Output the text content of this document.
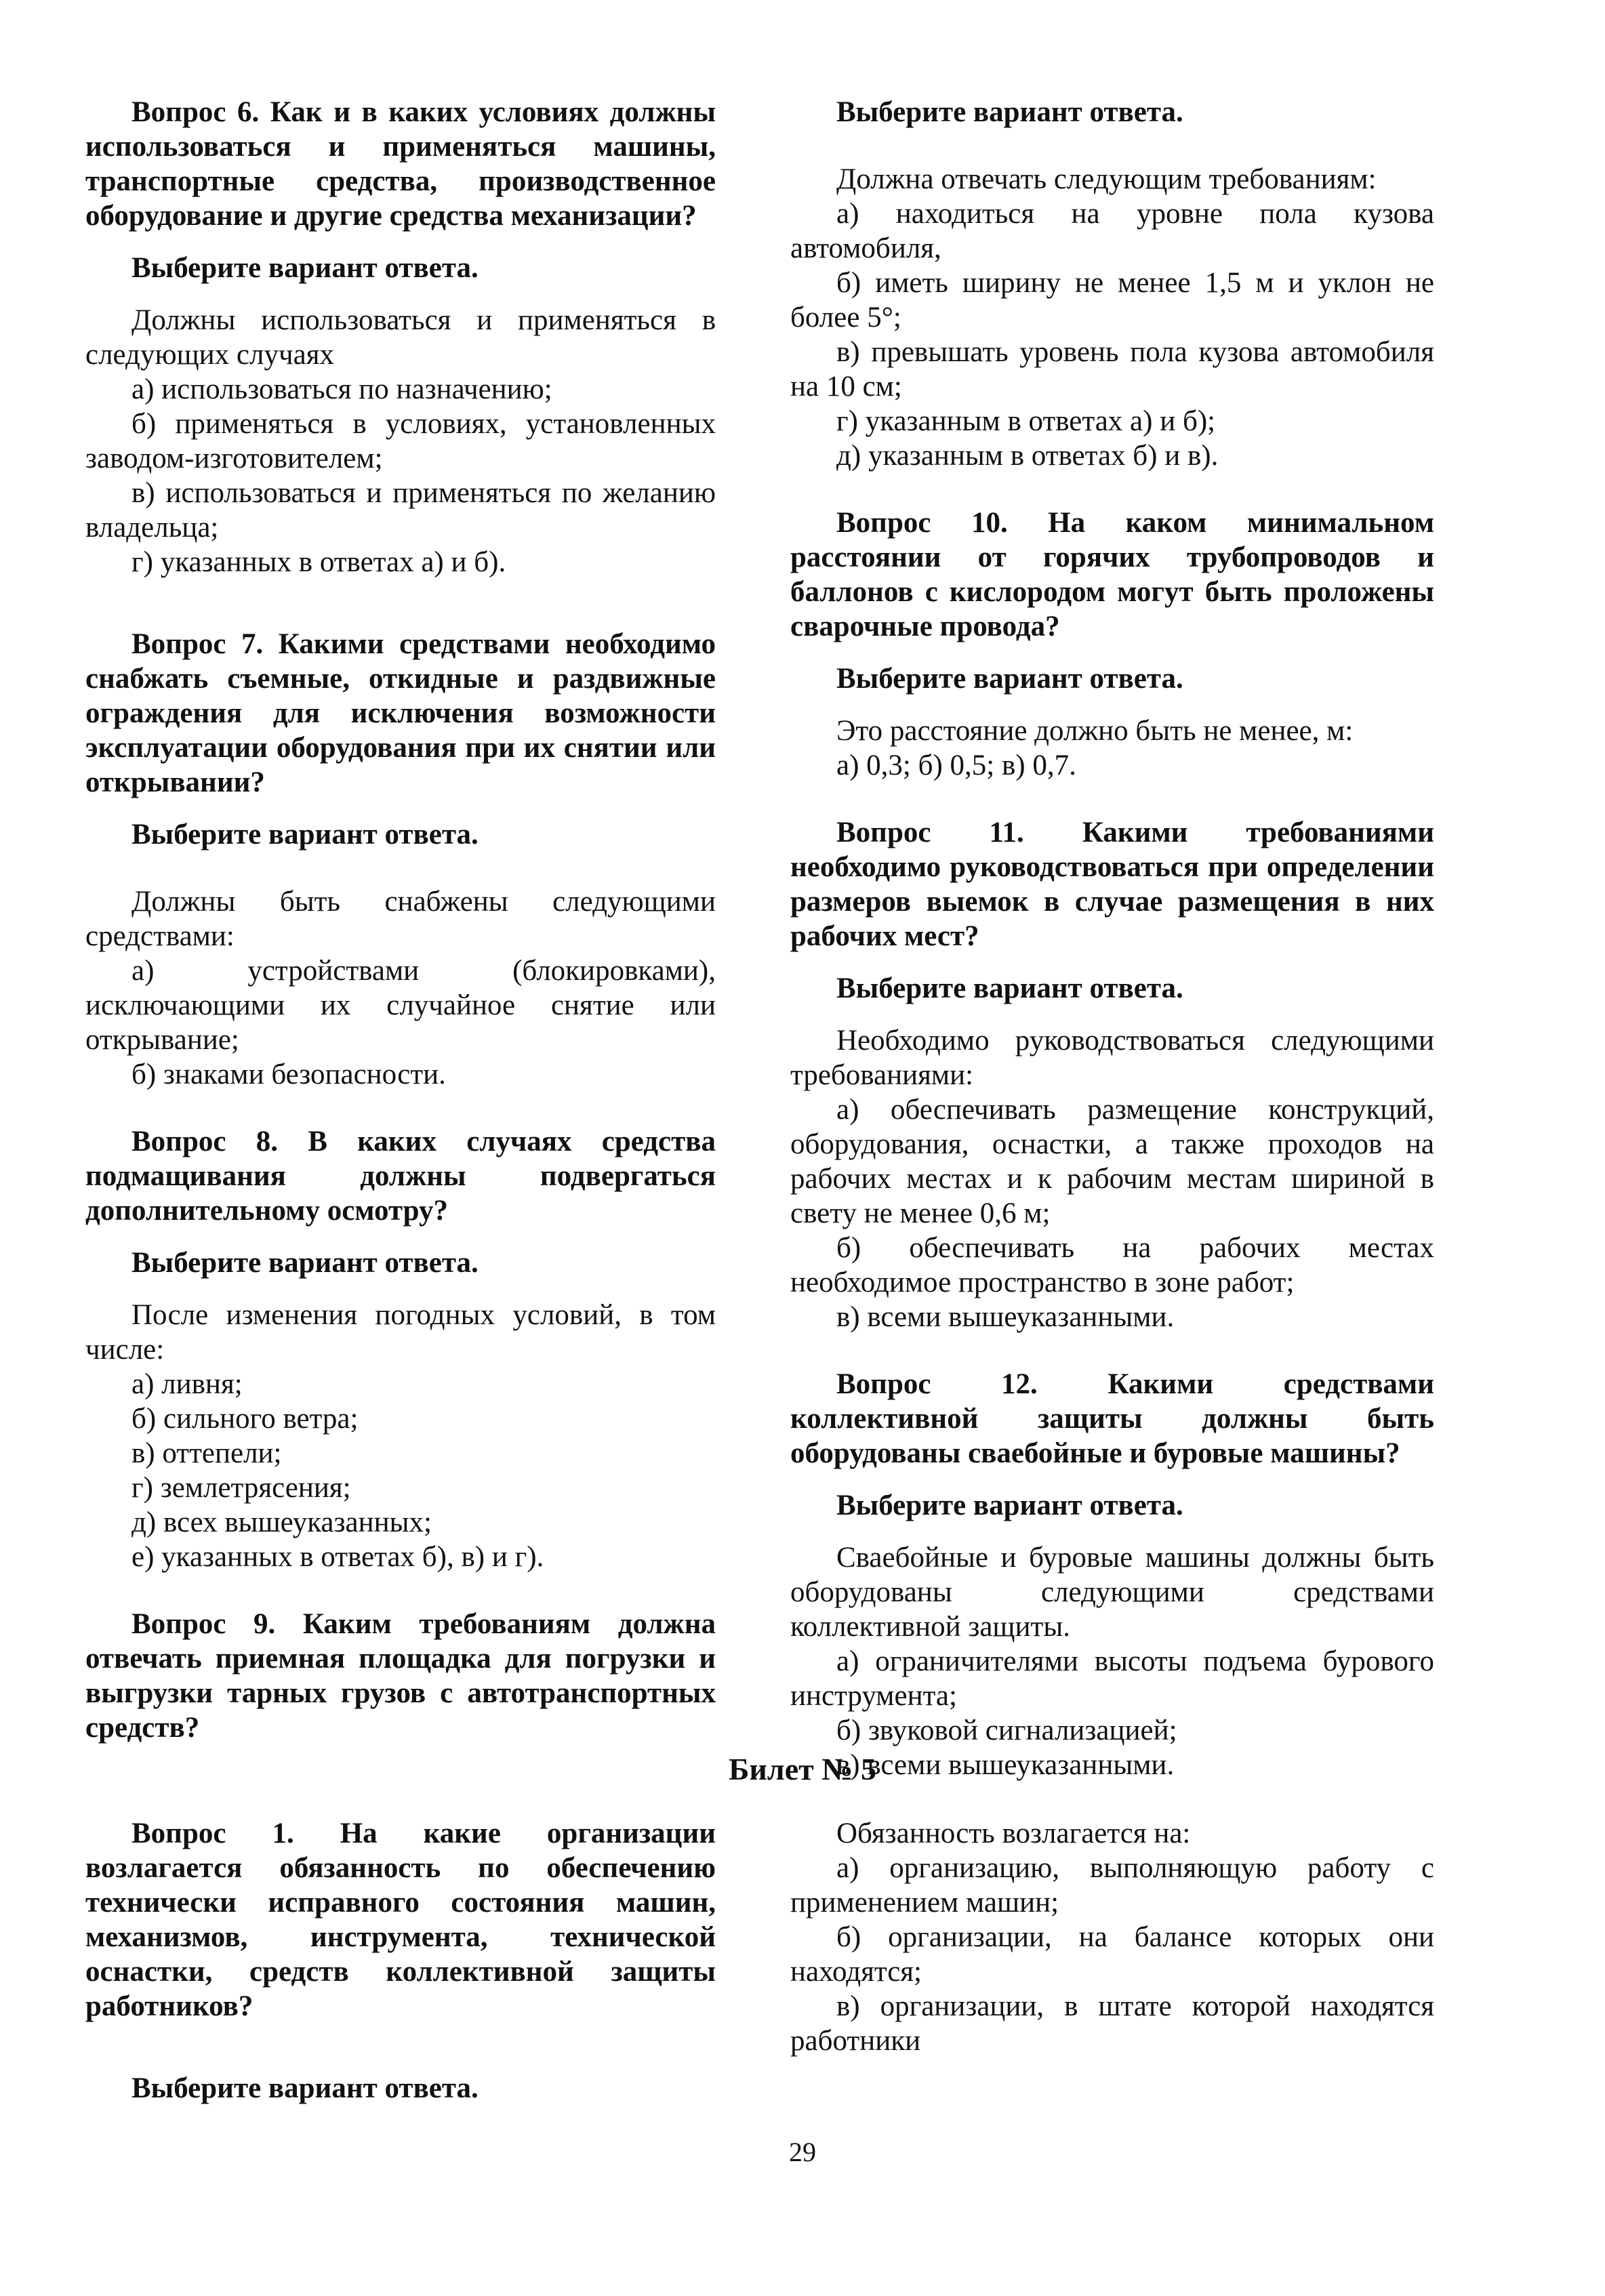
Вопрос 6. Как и в каких условиях должны использоваться и применяться машины, транспортные средства, производственное оборудование и другие средства механизации?

Выберите вариант ответа.

Должны использоваться и применяться в следующих случаях

а) использоваться по назначению;

б) применяться в условиях, установленных заводом-изготовителем;

в) использоваться и применяться по желанию владельца;

г) указанных в ответах а) и б).

Вопрос 7. Какими средствами необходимо снабжать съемные, откидные и раздвижные ограждения для исключения возможности эксплуатации оборудования при их снятии или открывании?

Выберите вариант ответа.

Должны быть снабжены следующими средствами:

а) устройствами (блокировками), исключающими их случайное снятие или открывание;

б) знаками безопасности.

Вопрос 8. В каких случаях средства подмащивания должны подвергаться дополнительному осмотру?

Выберите вариант ответа.

После изменения погодных условий, в том числе:

а) ливня;

б) сильного ветра;

в) оттепели;

г) землетрясения;

д) всех вышеуказанных;

е) указанных в ответах б), в) и г).

Вопрос 9. Каким требованиям должна отвечать приемная площадка для погрузки и выгрузки тарных грузов с автотранспортных средств?

Выберите вариант ответа.

Должна отвечать следующим требованиям:

а) находиться на уровне пола кузова автомобиля,

б) иметь ширину не менее 1,5 м и уклон не более 5°;

в) превышать уровень пола кузова автомобиля на 10 см;

г) указанным в ответах а) и б);

д) указанным в ответах б) и в).

Вопрос 10. На каком минимальном расстоянии от горячих трубопроводов и баллонов с кислородом могут быть проложены сварочные провода?

Выберите вариант ответа.

Это расстояние должно быть не менее, м:

а) 0,3; б) 0,5; в) 0,7.

Вопрос 11. Какими требованиями необходимо руководствоваться при определении размеров выемок в случае размещения в них рабочих мест?

Выберите вариант ответа.

Необходимо руководствоваться следующими требованиями:

а) обеспечивать размещение конструкций, оборудования, оснастки, а также проходов на рабочих местах и к рабочим местам шириной в свету не менее 0,6 м;

б) обеспечивать на рабочих местах необходимое пространство в зоне работ;

в) всеми вышеуказанными.

Вопрос 12. Какими средствами коллективной защиты должны быть оборудованы сваебойные и буровые машины?

Выберите вариант ответа.

Сваебойные и буровые машины должны быть оборудованы следующими средствами коллективной защиты.

а) ограничителями высоты подъема бурового инструмента;

б) звуковой сигнализацией;

в) всеми вышеуказанными.

Билет № 5

Вопрос 1. На какие организации возлагается обязанность по обеспечению технически исправного состояния машин, механизмов, инструмента, технической оснастки, средств коллективной защиты работников?

Выберите вариант ответа.

Обязанность возлагается на:

а) организацию, выполняющую работу с применением машин;

б) организации, на балансе которых они находятся;

в) организации, в штате которой находятся работники

29
